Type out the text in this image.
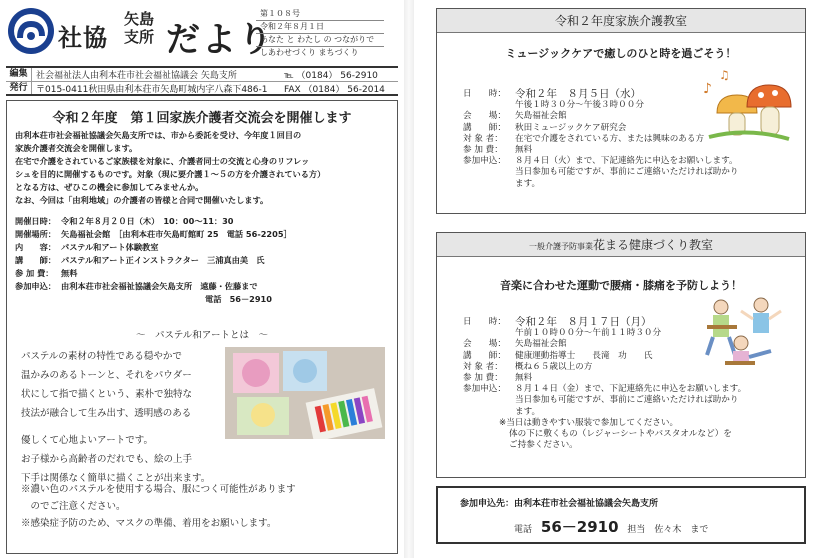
社協
矢島支所 だより
第１０８号
令和２年８月１日
あなた と わたし の つながりで
しあわせづくり まちづくり
編集 社会福祉法人由利本荘市社会福祉協議会 矢島支所	℡ （0184） 56-2910
発行 〒015-0411秋田県由利本荘市矢島町城内字八森下486-1	FAX （0184） 56-2014
令和２年度　第１回家族介護者交流会を開催します
由利本荘市社会福祉協議会矢島支所では、市から委託を受け、今年度１回目の
家族介護者交流会を開催します。
在宅で介護をされているご家族様を対象に、介護者同士の交流と心身のリフレッ
シュを目的に開催するものです。対象（現に要介護１～５の方を介護されている方）
となる方は、ぜひこの機会に参加してみませんか。
なお、今回は「由利地域」の介護者の皆様と合同で開催いたします。
開催日時： 令和２年８月２０日（木）　10：00～11：30
開催場所： 矢島福祉会館　［由利本荘市矢島町館町 25　電話 56-2205］
内　　容： パステル和アート体験教室
講　　師： パステル和アート正インストラクター　三浦真由美　氏
参 加 費： 無料
参加申込： 由利本荘市社会福祉協議会矢島支所　遠藤・佐藤まで
電話　56－2910
～　パステル和アートとは　～
パステルの素材の特性である穏やかで
温かみのあるトーンと、それをパウダー
状にして指で描くという、素朴で独特な
技法が融合して生み出す、透明感のある
優しくて心地よいアートです。
お子様から高齢者のだれでも、絵の上手
下手は関係なく簡単に描くことが出来ます。
※濃い色のパステルを使用する場合、服につく可能性があります
　のでご注意ください。
※感染症予防のため、マスクの準備、着用をお願いします。
令和２年度家族介護教室
ミュージックケアで癒しのひと時を過ごそう！
♪
♫
日　　時： 令和２年　８月５日（水）
午後１時３０分～午後３時００分
会　　場：	矢島福祉会館
講　　師：	秋田ミュージックケア研究会
対 象 者：	在宅で介護をされている方、または興味のある方
参 加 費：	無料
参加申込：	８月４日（火）まで、下記連絡先に申込をお願いします。
当日参加も可能ですが、事前にご連絡いただければ助かり
ます。
一般介護予防事業花まる健康づくり教室
音楽に合わせた運動で腰痛・膝痛を予防しよう！
日　　時： 令和２年　８月１７日（月）
午前１０時００分～午前１１時３０分
会　　場：	矢島福祉会館
講　　師：	健康運動指導士　　長滝　功　　氏
対 象 者：	概ね６５歳以上の方
参 加 費：	無料
参加申込：	８月１４日（金）まで、下記連絡先に申込をお願いします。
当日参加も可能ですが、事前にご連絡いただければ助かり
ます。
※当日は動きやすい服装で参加してください。
体の下に敷くもの（レジャーシートやバスタオルなど）を
ご持参ください。
参加申込先：由利本荘市社会福祉協議会矢島支所
電話 56－2910 担当　佐々木　まで
